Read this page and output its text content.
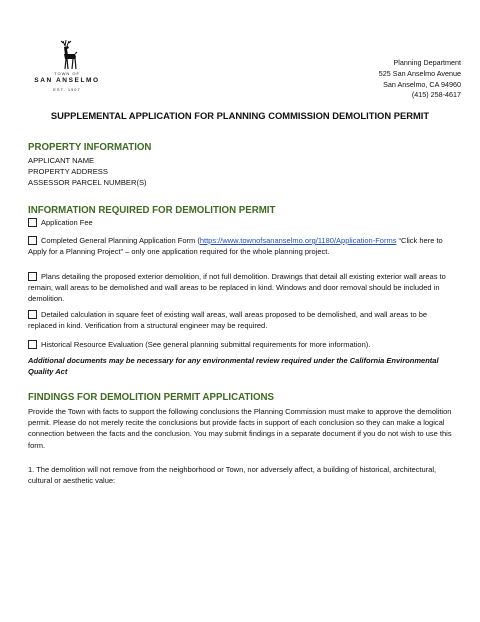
TOWN OF
SAN ANSELMO
EST. 1907
Planning Department
525 San Anselmo Avenue
San Anselmo, CA 94960
(415) 258-4617
SUPPLEMENTAL APPLICATION FOR PLANNING COMMISSION DEMOLITION PERMIT
PROPERTY INFORMATION
APPLICANT NAME
PROPERTY ADDRESS
ASSESSOR PARCEL NUMBER(S)
INFORMATION REQUIRED FOR DEMOLITION PERMIT
Application Fee
Completed General Planning Application Form (https://www.townofsananselmo.org/1180/Application-Forms “Click here to Apply for a Planning Project” – only one application required for the whole planning project.
Plans detailing the proposed exterior demolition, if not full demolition. Drawings that detail all existing exterior wall areas to remain, wall areas to be demolished and wall areas to be replaced in kind. Windows and door removal should be included in demolition.
Detailed calculation in square feet of existing wall areas, wall areas proposed to be demolished, and wall areas to be replaced in kind. Verification from a structural engineer may be required.
Historical Resource Evaluation (See general planning submittal requirements for more information).
Additional documents may be necessary for any environmental review required under the California Environmental Quality Act
FINDINGS FOR DEMOLITION PERMIT APPLICATIONS
Provide the Town with facts to support the following conclusions the Planning Commission must make to approve the demolition permit. Please do not merely recite the conclusions but provide facts in support of each conclusion so they can make a logical connection between the facts and the conclusion. You may submit findings in a separate document if you do not wish to use this form.
1. The demolition will not remove from the neighborhood or Town, nor adversely affect, a building of historical, architectural, cultural or aesthetic value:
